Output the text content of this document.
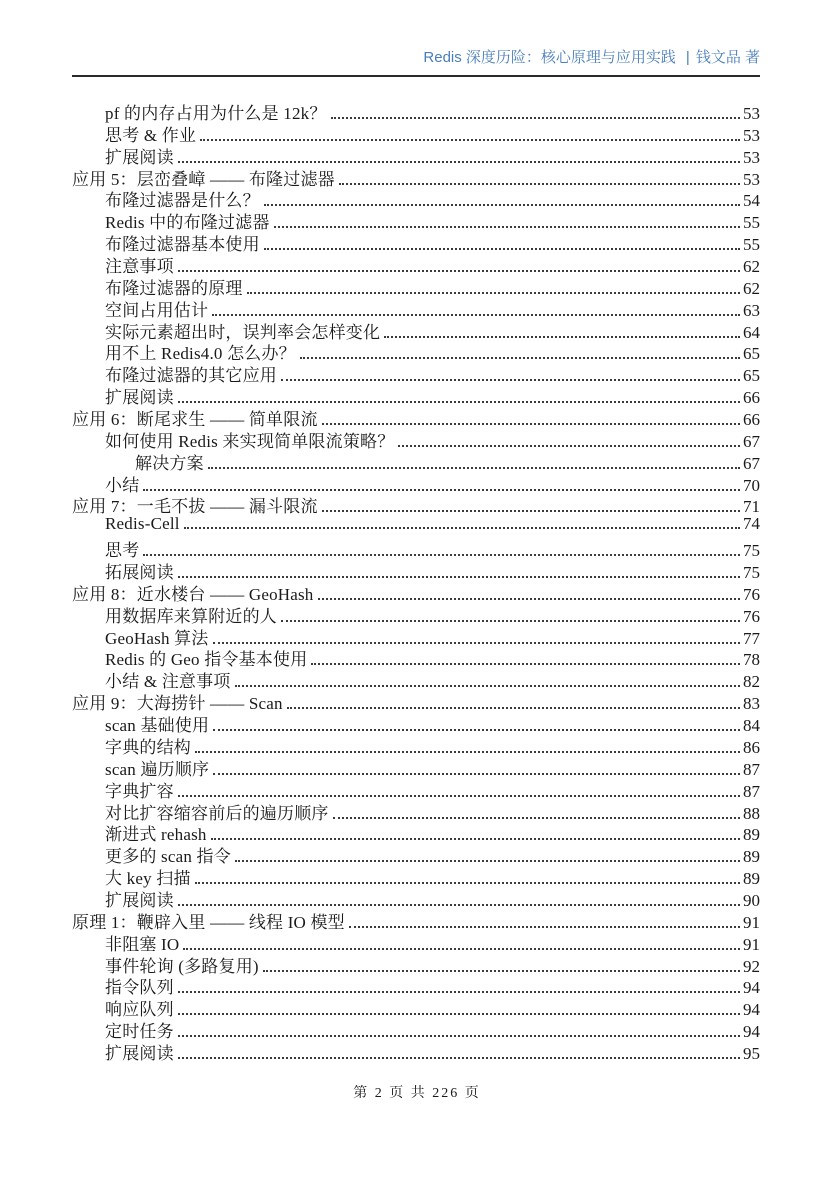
Redis 深度历险：核心原理与应用实践 | 钱文品 著
pf 的内存占用为什么是 12k？	53
思考 & 作业	53
扩展阅读	53
应用 5：层峦叠嶂 —— 布隆过滤器	53
布隆过滤器是什么？	54
Redis 中的布隆过滤器	55
布隆过滤器基本使用	55
注意事项	62
布隆过滤器的原理	62
空间占用估计	63
实际元素超出时，误判率会怎样变化	64
用不上 Redis4.0 怎么办？	65
布隆过滤器的其它应用	65
扩展阅读	66
应用 6：断尾求生 —— 简单限流	66
如何使用 Redis 来实现简单限流策略？	67
解决方案	67
小结	70
应用 7：一毛不拔 —— 漏斗限流	71
Redis-Cell	74
思考	75
拓展阅读	75
应用 8：近水楼台 —— GeoHash	76
用数据库来算附近的人	76
GeoHash 算法	77
Redis 的 Geo 指令基本使用	78
小结 & 注意事项	82
应用 9：大海捞针 —— Scan	83
scan 基础使用	84
字典的结构	86
scan 遍历顺序	87
字典扩容	87
对比扩容缩容前后的遍历顺序	88
渐进式 rehash	89
更多的 scan 指令	89
大 key 扫描	89
扩展阅读	90
原理 1：鞭辟入里 —— 线程 IO 模型	91
非阻塞 IO	91
事件轮询 (多路复用)	92
指令队列	94
响应队列	94
定时任务	94
扩展阅读	95
第 2 页 共 226 页
